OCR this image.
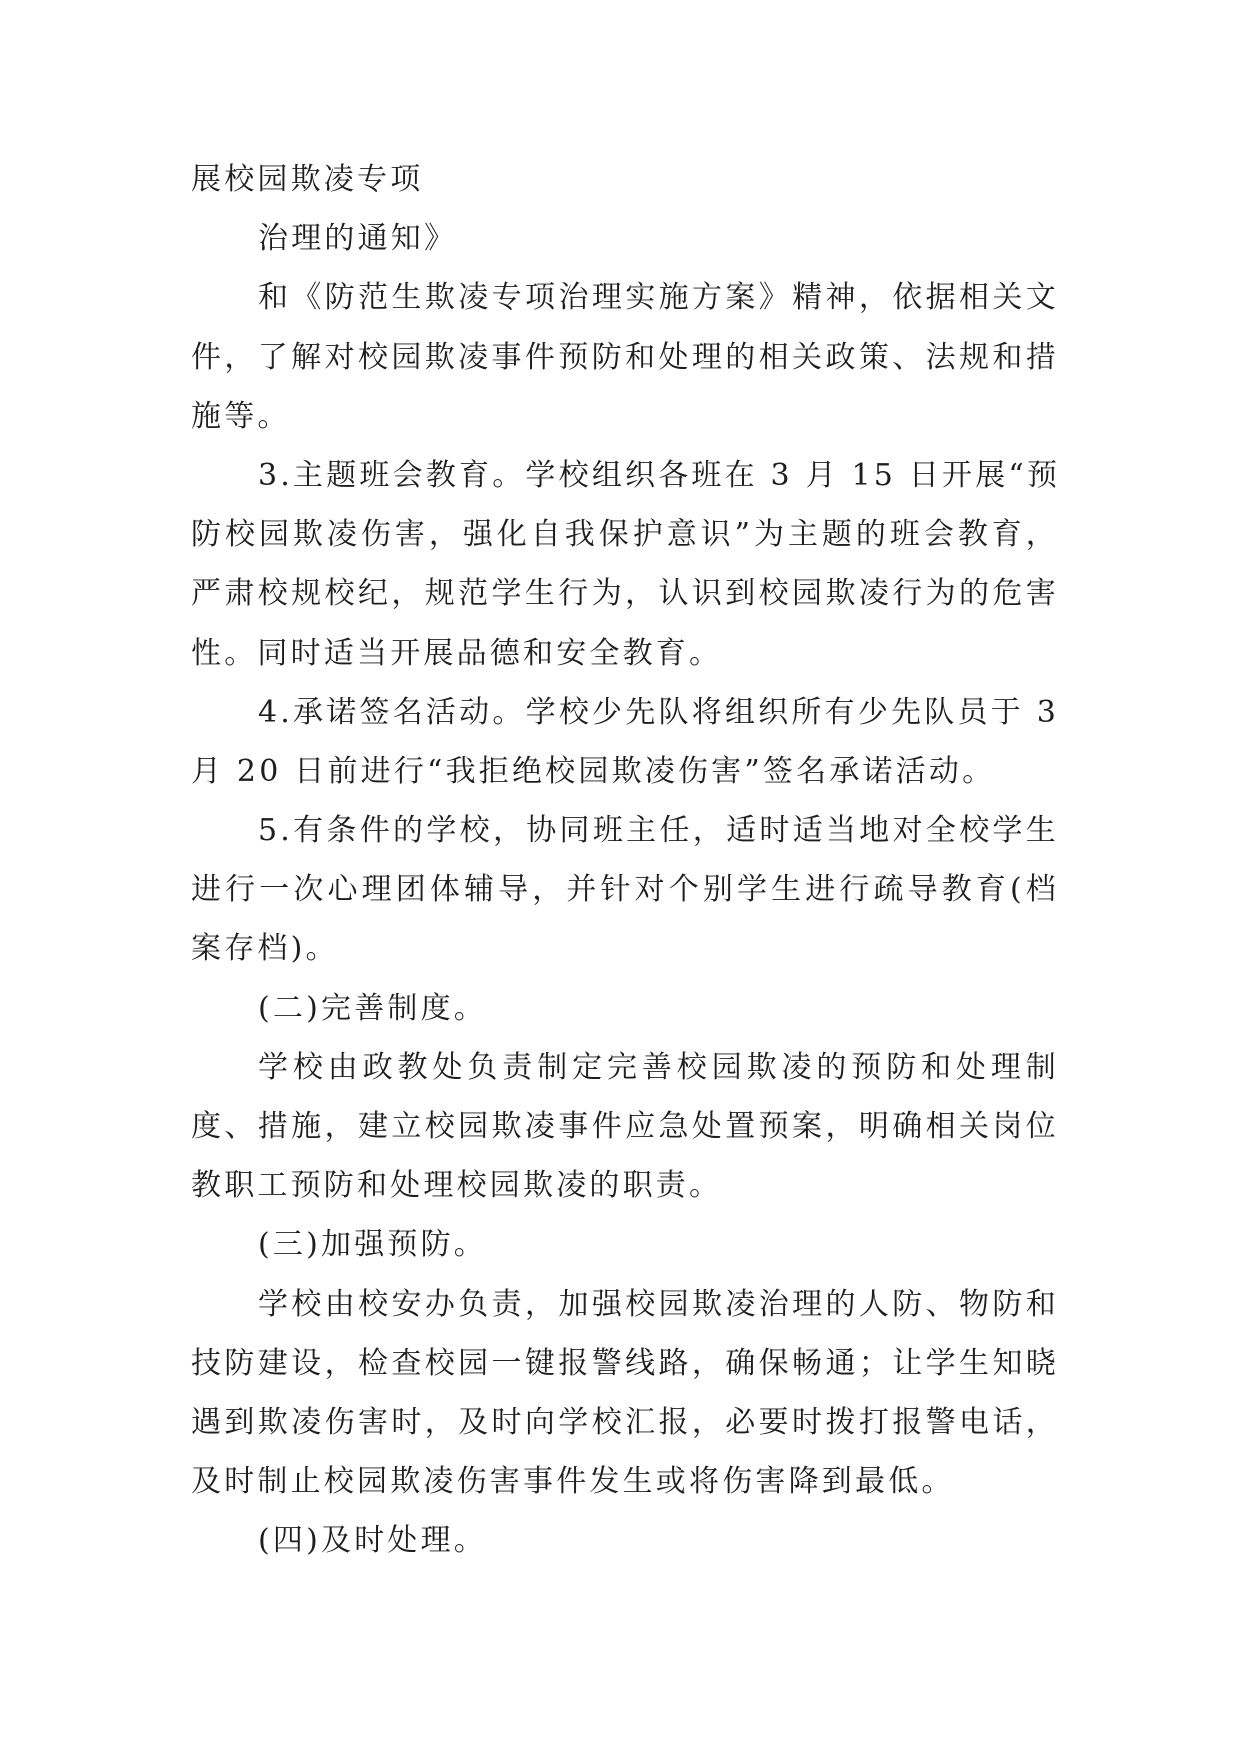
展校园欺凌专项
治理的通知》
和《防范生欺凌专项治理实施方案》精神，依据相关文
件，了解对校园欺凌事件预防和处理的相关政策、法规和措
施等。
3.主题班会教育。学校组织各班在 3 月 15 日开展“预
防校园欺凌伤害，强化自我保护意识”为主题的班会教育，
严肃校规校纪，规范学生行为，认识到校园欺凌行为的危害
性。同时适当开展品德和安全教育。
4.承诺签名活动。学校少先队将组织所有少先队员于 3
月 20 日前进行“我拒绝校园欺凌伤害”签名承诺活动。
5.有条件的学校，协同班主任，适时适当地对全校学生
进行一次心理团体辅导，并针对个别学生进行疏导教育(档
案存档)。
(二)完善制度。
学校由政教处负责制定完善校园欺凌的预防和处理制
度、措施，建立校园欺凌事件应急处置预案，明确相关岗位
教职工预防和处理校园欺凌的职责。
(三)加强预防。
学校由校安办负责，加强校园欺凌治理的人防、物防和
技防建设，检查校园一键报警线路，确保畅通；让学生知晓
遇到欺凌伤害时，及时向学校汇报，必要时拨打报警电话，
及时制止校园欺凌伤害事件发生或将伤害降到最低。
(四)及时处理。
